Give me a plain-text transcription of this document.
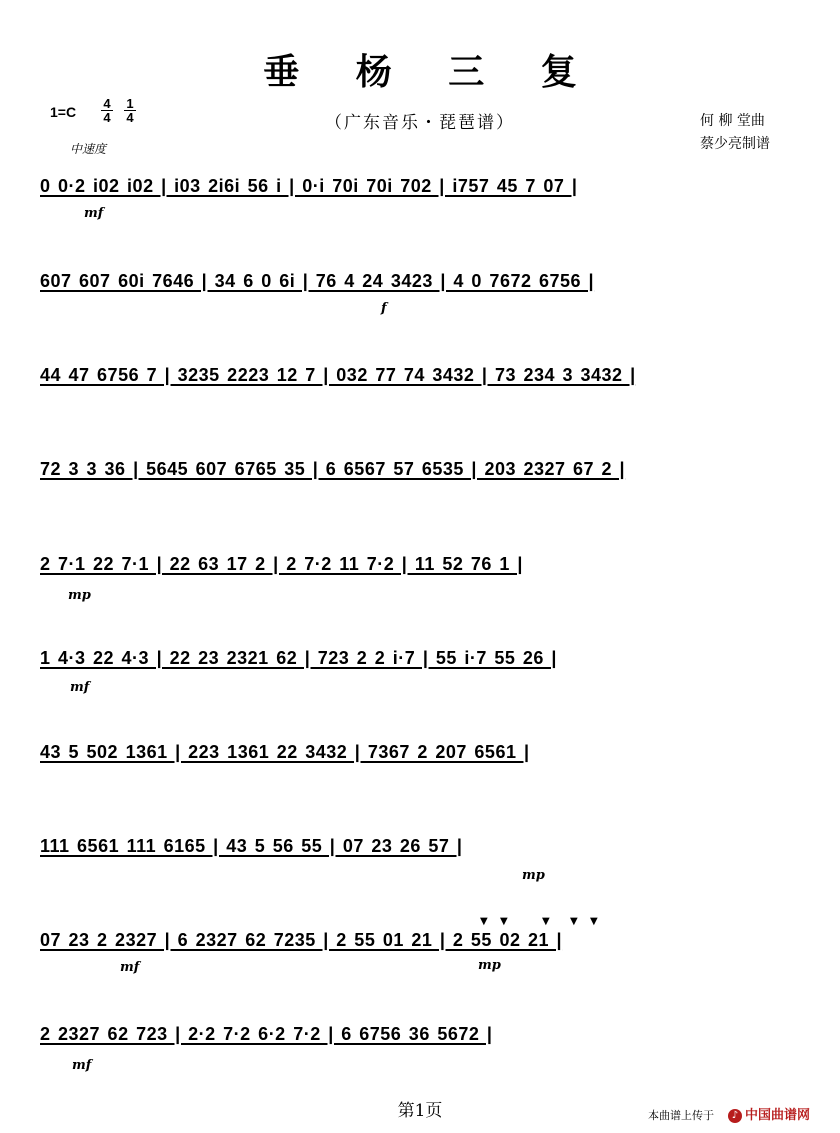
垂 杨 三 复
$1=C \frac{4}{4} \frac{1}{4}$
中速度
（广东音乐・琵琶谱）	何 柳 堂曲
蔡少亮制谱
0 0·2 i02 i02 | i03 2i6i 56 i | 0·i 70i 70i 702 | i757 45 7 07 |
607 607 60i 7646 | 34 6 0 6i | 76 4 24 3423 | 4 0 7672 6756 |
44 47 6756 7 | 3235 2223 12 7 | 032 77 74 3432 | 73 234 3 3432 |
72 3 3 36 | 5645 607 6765 35 | 6 6567 57 6535 | 203 2327 67 2 |
2 7·1 22 7·1 | 22 63 17 2 | 2 7·2 11 7·2 | 11 52 76 1 |
1 4·3 22 4·3 | 22 23 2321 62 | 723 2 2 i·7 | 55 i·7 55 26 |
43 5 502 1361 | 223 1361 22 3432 | 7367 2 207 6561 |
111 6561 111 6165 | 43 5 56 55 | 07 23 26 57 |
07 23 2 2327 | 6 2327 62 7235 | 2 55 01 21 | 2 55 02 21 |
2 2327 62 723 | 2·2 7·2 6·2 7·2 | 6 6756 36 5672 |
mf
f
mp
mf
mp
mp
mf
mf
▼ ▼	▼ ▼ ▼
第1页	本曲谱上传于	♪ 中国曲谱网
